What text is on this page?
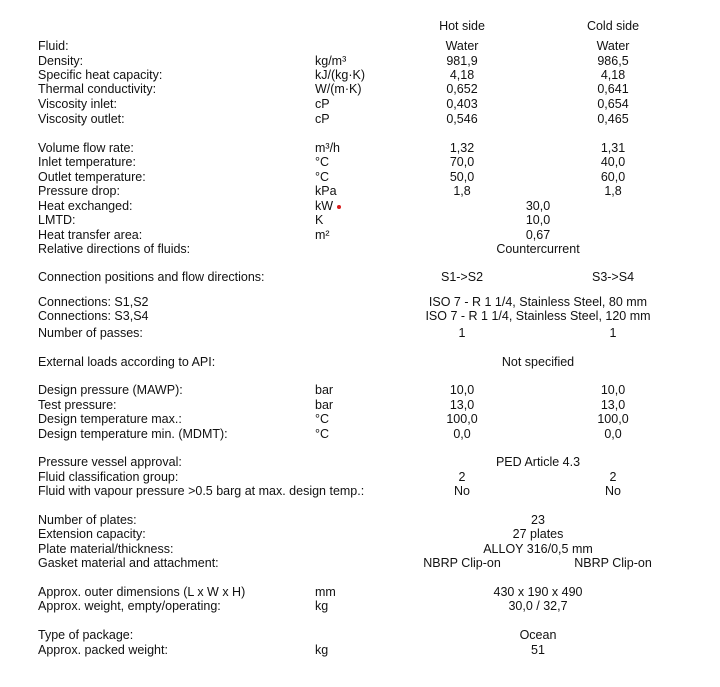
Hot side	Cold side
Fluid:	Water	Water
Density:	kg/m³	981,9	986,5
Specific heat capacity:	kJ/(kg·K)	4,18	4,18
Thermal conductivity:	W/(m·K)	0,652	0,641
Viscosity inlet:	cP	0,403	0,654
Viscosity outlet:	cP	0,546	0,465
Volume flow rate:	m³/h	1,32	1,31
Inlet temperature:	°C	70,0	40,0
Outlet temperature:	°C	50,0	60,0
Pressure drop:	kPa	1,8	1,8
Heat exchanged:	kW	30,0
LMTD:	K	10,0
Heat transfer area:	m²	0,67
Relative directions of fluids:	Countercurrent
Connection positions and flow directions:	S1->S2	S3->S4
Connections: S1,S2	ISO 7 - R 1 1/4, Stainless Steel, 80 mm
Connections: S3,S4	ISO 7 - R 1 1/4, Stainless Steel, 120 mm
Number of passes:	1	1
External loads according to API:	Not specified
Design pressure (MAWP):	bar	10,0	10,0
Test pressure:	bar	13,0	13,0
Design temperature max.:	°C	100,0	100,0
Design temperature min. (MDMT):	°C	0,0	0,0
Pressure vessel approval:	PED Article 4.3
Fluid classification group:	2	2
Fluid with vapour pressure >0.5 barg at max. design temp.:	No	No
Number of plates:	23
Extension capacity:	27 plates
Plate material/thickness:	ALLOY 316/0,5 mm
Gasket material and attachment:	NBRP Clip-on	NBRP Clip-on
Approx. outer dimensions (L x W x H)	mm	430 x 190 x 490
Approx. weight, empty/operating:	kg	30,0 / 32,7
Type of package:	Ocean
Approx. packed weight:	kg	51
